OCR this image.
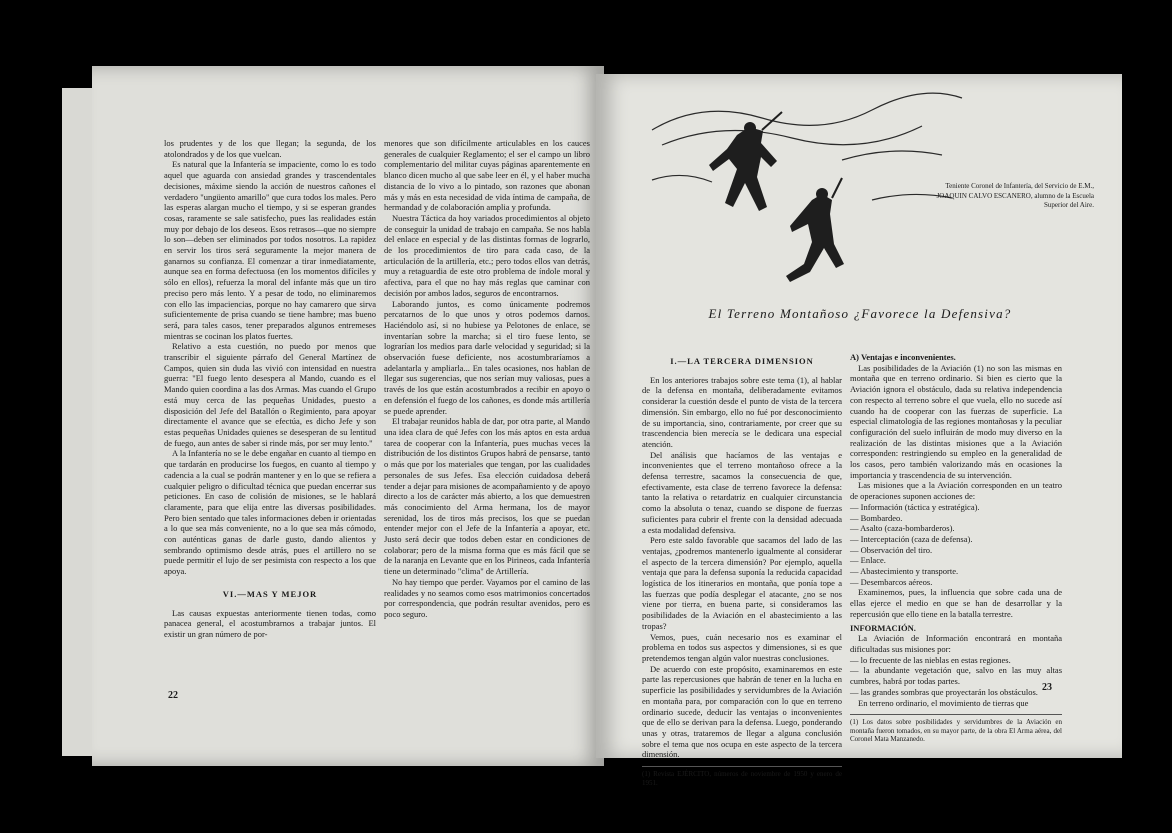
los prudentes y de los que llegan; la segunda, de los atolondrados y de los que vuelcan.

Es natural que la Infantería se impaciente, como lo es todo aquel que aguarda con ansiedad grandes y trascendentales decisiones, máxime siendo la acción de nuestros cañones el verdadero "ungüento amarillo" que cura todos los males. Pero las esperas alargan mucho el tiempo, y si se esperan grandes cosas, raramente se sale satisfecho, pues las realidades están muy por debajo de los deseos. Esos retrasos—que no siempre lo son—deben ser eliminados por todos nosotros. La rapidez en servir los tiros será seguramente la mejor manera de ganarnos su confianza. El comenzar a tirar inmediatamente, aunque sea en forma defectuosa (en los momentos difíciles y sólo en ellos), refuerza la moral del infante más que un tiro preciso pero más lento. Y a pesar de todo, no eliminaremos con ello las impaciencias, porque no hay camarero que sirva suficientemente de prisa cuando se tiene hambre; mas bueno será, para tales casos, tener preparados algunos entremeses mientras se cocinan los platos fuertes.

Relativo a esta cuestión, no puedo por menos que transcribir el siguiente párrafo del General Martínez de Campos, quien sin duda las vivió con intensidad en nuestra guerra: "El fuego lento desespera al Mando, cuando es el Mando quien coordina a las dos Armas. Mas cuando el Grupo está muy cerca de las pequeñas Unidades, puesto a disposición del Jefe del Batallón o Regimiento, para apoyar directamente el avance que se efectúa, es dicho Jefe y son estas pequeñas Unidades quienes se desesperan de su lentitud de fuego, aun antes de saber si rinde más, por ser muy lento."

A la Infantería no se le debe engañar en cuanto al tiempo en que tardarán en producirse los fuegos, en cuanto al tiempo y cadencia a la cual se podrán mantener y en lo que se refiera a cualquier peligro o dificultad técnica que puedan encerrar sus peticiones. En caso de colisión de misiones, se le hablará claramente, para que elija entre las diversas posibilidades. Pero bien sentado que tales informaciones deben ir orientadas a lo que sea más conveniente, no a lo que sea más cómodo, con auténticas ganas de darle gusto, dando alientos y sembrando optimismo desde atrás, pues el artillero no se puede permitir el lujo de ser pesimista con respecto a los que apoya.

VI.—MAS Y MEJOR

Las causas expuestas anteriormente tienen todas, como panacea general, el acostumbrarnos a trabajar juntos. El existir un gran número de por-

menores que son difícilmente articulables en los cauces generales de cualquier Reglamento; el ser el campo un libro complementario del militar cuyas páginas aparentemente en blanco dicen mucho al que sabe leer en él, y el haber mucha distancia de lo vivo a lo pintado, son razones que abonan más y más en esta necesidad de vida íntima de campaña, de hermandad y de colaboración amplia y profunda.

Nuestra Táctica da hoy variados procedimientos al objeto de conseguir la unidad de trabajo en campaña. Se nos habla del enlace en especial y de las distintas formas de lograrlo, de los procedimientos de tiro para cada caso, de la articulación de la artillería, etc.; pero todos ellos van detrás, muy a retaguardia de este otro problema de índole moral y afectiva, para el que no hay más reglas que caminar con decisión por ambos lados, seguros de encontrarnos.

Laborando juntos, es como únicamente podremos percatarnos de lo que unos y otros podemos darnos. Haciéndolo así, si no hubiese ya Pelotones de enlace, se inventarían sobre la marcha; si el tiro fuese lento, se lograrían los medios para darle velocidad y seguridad; si la observación fuese deficiente, nos acostumbraríamos a adelantarla y ampliarla... En tales ocasiones, nos hablan de llegar sus sugerencias, que nos serían muy valiosas, pues a través de los que están acostumbrados a recibir en apoyo o en defensión el fuego de los cañones, es donde más artillería se puede aprender.

El trabajar reunidos habla de dar, por otra parte, al Mando una idea clara de qué Jefes con los más aptos en esta ardua tarea de cooperar con la Infantería, pues muchas veces la distribución de los distintos Grupos habrá de pensarse, tanto o más que por los materiales que tengan, por las cualidades personales de sus Jefes. Esa elección cuidadosa deberá tender a dejar para misiones de acompañamiento y de apoyo directo a los de carácter más abierto, a los que demuestren más conocimiento del Arma hermana, los de mayor serenidad, los de tiros más precisos, los que se puedan entender mejor con el Jefe de la Infantería a apoyar, etc. Justo será decir que todos deben estar en condiciones de colaborar; pero de la misma forma que es más fácil que se de la naranja en Levante que en los Pirineos, cada Infantería tiene un determinado "clima" de Artillería.

No hay tiempo que perder. Vayamos por el camino de las realidades y no seamos como esos matrimonios concertados por correspondencia, que podrán resultar avenidos, pero es poco seguro.

22
Teniente Coronel de Infantería, del Servicio de E.M., JOAQUIN CALVO ESCANERO, alumno de la Escuela Superior del Aire.
El Terreno Montañoso ¿Favorece la Defensiva?
I.—LA TERCERA DIMENSION

En los anteriores trabajos sobre este tema (1), al hablar de la defensa en montaña, deliberadamente evitamos considerar la cuestión desde el punto de vista de la tercera dimensión. Sin embargo, ello no fué por desconocimiento de su importancia, sino, contrariamente, por creer que su trascendencia bien merecía se le dedicara una especial atención.

Del análisis que hacíamos de las ventajas e inconvenientes que el terreno montañoso ofrece a la defensa terrestre, sacamos la consecuencia de que, efectivamente, esta clase de terreno favorece la defensa: tanto la relativa o retardatriz en cualquier circunstancia como la absoluta o tenaz, cuando se dispone de fuerzas suficientes para cubrir el frente con la densidad adecuada a esta modalidad defensiva.

Pero este saldo favorable que sacamos del lado de las ventajas, ¿podremos mantenerlo igualmente al considerar el aspecto de la tercera dimensión? Por ejemplo, aquella ventaja que para la defensa suponía la reducida capacidad logística de los itinerarios en montaña, que ponía tope a las fuerzas que podía desplegar el atacante, ¿no se nos viene por tierra, en buena parte, si consideramos las posibilidades de la Aviación en el abastecimiento a las tropas?

Vemos, pues, cuán necesario nos es examinar el problema en todos sus aspectos y dimensiones, si es que pretendemos tengan algún valor nuestras conclusiones.

De acuerdo con este propósito, examinaremos en este parte las repercusiones que habrán de tener en la lucha en superficie las posibilidades y servidumbres de la Aviación en montaña para, por comparación con lo que en terreno ordinario sucede, deducir las ventajas o inconvenientes que de ello se derivan para la defensa. Luego, ponderando unas y otras, trataremos de llegar a alguna conclusión sobre el tema que nos ocupa en este aspecto de la tercera dimensión.

(1) Revista EJÉRCITO, números de noviembre de 1950 y enero de 1951.

A) Ventajas e inconvenientes.

Las posibilidades de la Aviación (1) no son las mismas en montaña que en terreno ordinario. Si bien es cierto que la Aviación ignora el obstáculo, dada su relativa independencia con respecto al terreno sobre el que vuela, ello no sucede así cuando ha de cooperar con las fuerzas de superficie. La especial climatología de las regiones montañosas y la peculiar configuración del suelo influirán de modo muy diverso en la realización de las distintas misiones que a la Aviación corresponden: restringiendo su empleo en la generalidad de los casos, pero también valorizando más en ocasiones la importancia y trascendencia de su intervención.

Las misiones que a la Aviación corresponden en un teatro de operaciones suponen acciones de:

— Información (táctica y estratégica).
— Bombardeo.
— Asalto (caza-bombarderos).
— Interceptación (caza de defensa).
— Observación del tiro.
— Enlace.
— Abastecimiento y transporte.
— Desembarcos aéreos.

Examinemos, pues, la influencia que sobre cada una de ellas ejerce el medio en que se han de desarrollar y la repercusión que ello tiene en la batalla terrestre.

INFORMACIÓN.

La Aviación de Información encontrará en montaña dificultadas sus misiones por:

— lo frecuente de las nieblas en estas regiones.
— la abundante vegetación que, salvo en las muy altas cumbres, habrá por todas partes.
— las grandes sombras que proyectarán los obstáculos.

En terreno ordinario, el movimiento de tierras que

(1) Los datos sobre posibilidades y servidumbres de la Aviación en montaña fueron tomados, en su mayor parte, de la obra El Arma aérea, del Coronel Mata Manzanedo.
23
